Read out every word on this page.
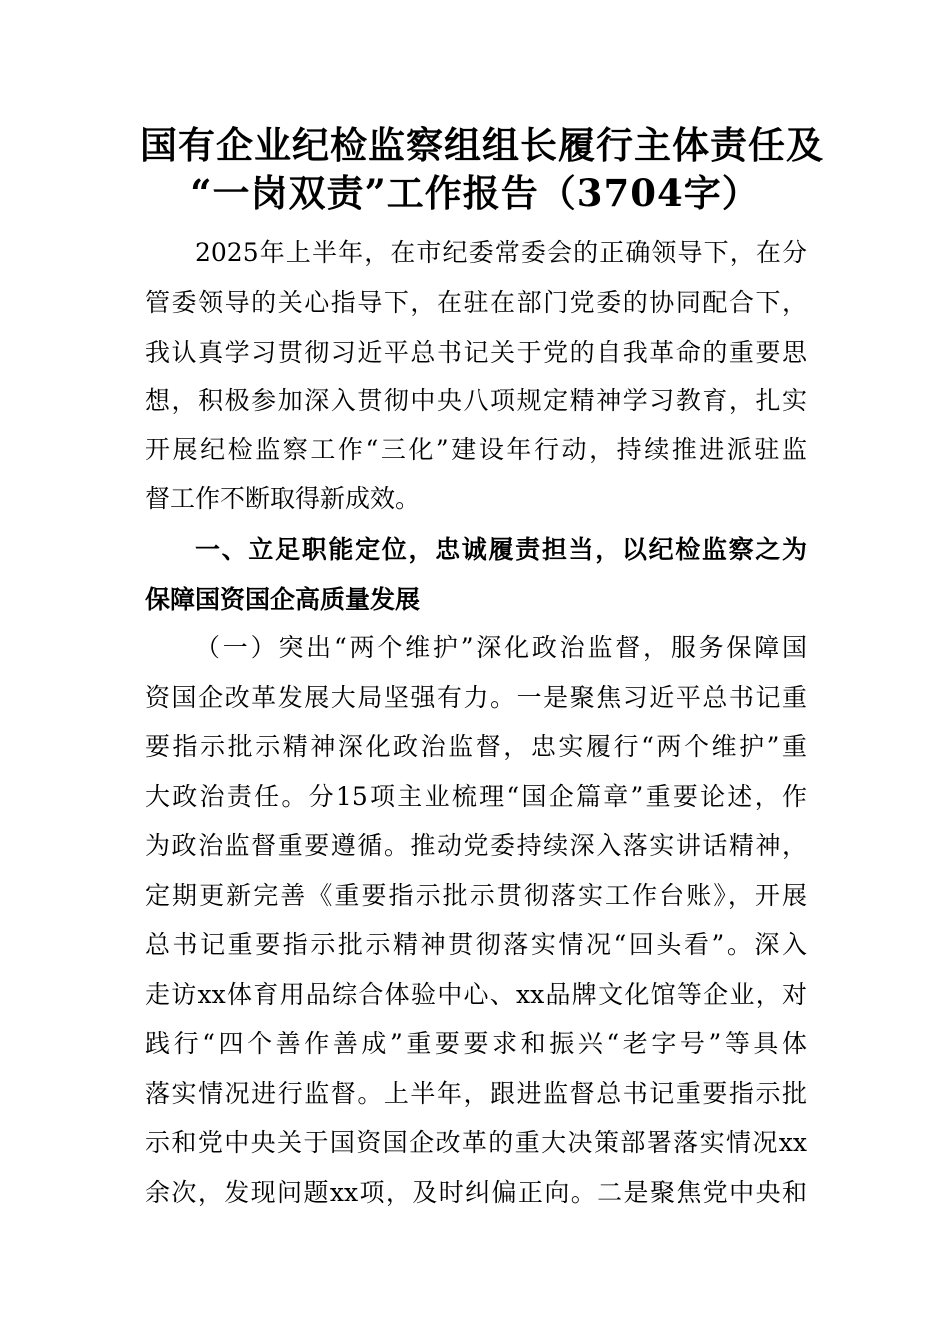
国有企业纪检监察组组长履行主体责任及
“一岗双责”工作报告（3704字）
2025年上半年，在市纪委常委会的正确领导下，在分
管委领导的关心指导下，在驻在部门党委的协同配合下，
我认真学习贯彻习近平总书记关于党的自我革命的重要思
想，积极参加深入贯彻中央八项规定精神学习教育，扎实
开展纪检监察工作“三化”建设年行动，持续推进派驻监
督工作不断取得新成效。
一、立足职能定位，忠诚履责担当，以纪检监察之为
保障国资国企高质量发展
（一）突出“两个维护”深化政治监督，服务保障国
资国企改革发展大局坚强有力。一是聚焦习近平总书记重
要指示批示精神深化政治监督，忠实履行“两个维护”重
大政治责任。分15项主业梳理“国企篇章”重要论述，作
为政治监督重要遵循。推动党委持续深入落实讲话精神，
定期更新完善《重要指示批示贯彻落实工作台账》，开展
总书记重要指示批示精神贯彻落实情况“回头看”。深入
走访xx体育用品综合体验中心、xx品牌文化馆等企业，对
践行“四个善作善成”重要要求和振兴“老字号”等具体
落实情况进行监督。上半年，跟进监督总书记重要指示批
示和党中央关于国资国企改革的重大决策部署落实情况xx
余次，发现问题xx项，及时纠偏正向。二是聚焦党中央和
